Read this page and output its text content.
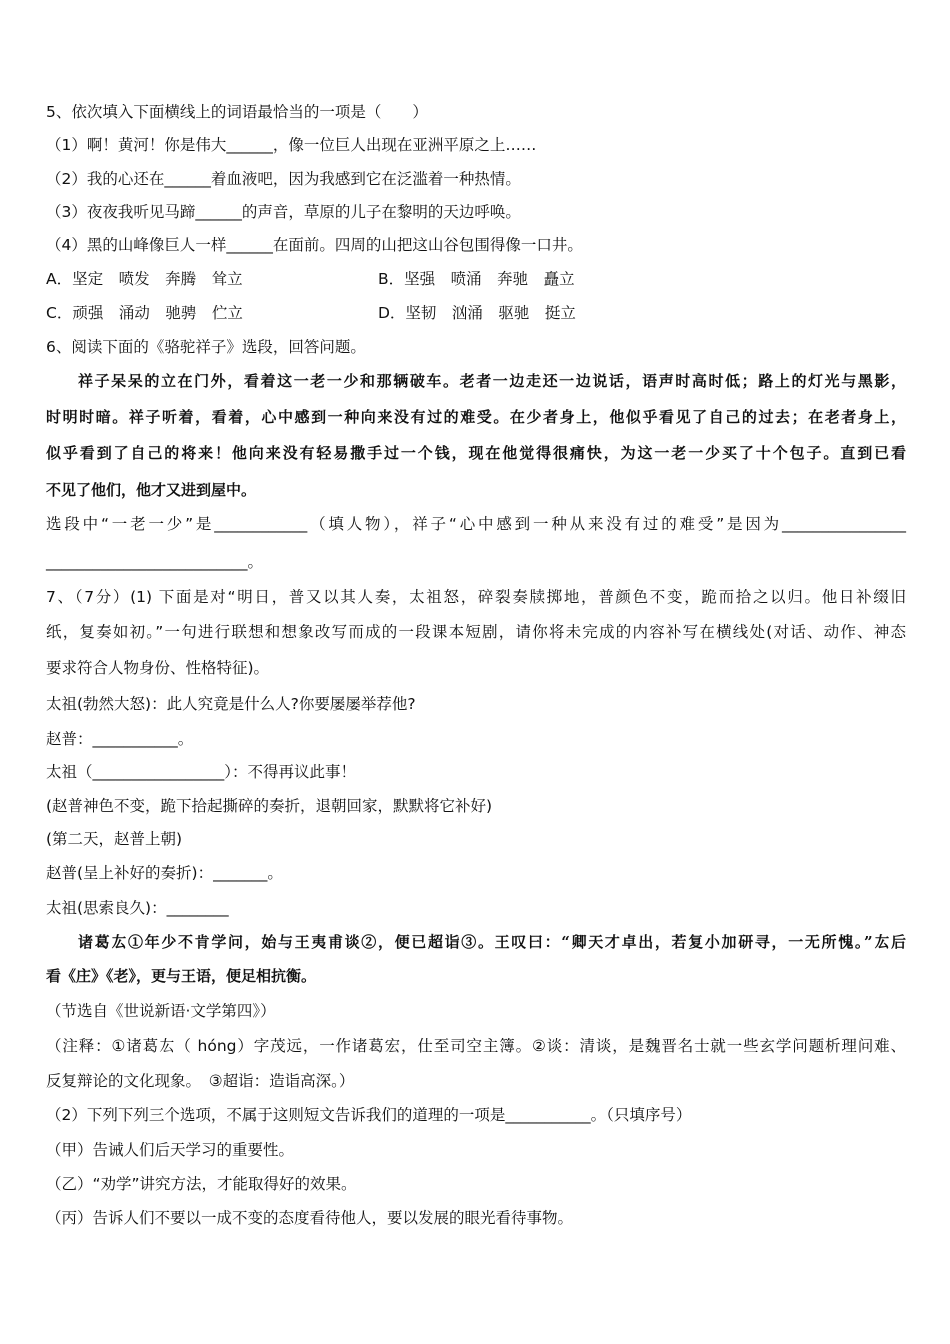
5、依次填入下面横线上的词语最恰当的一项是（　　）
（1）啊！黄河！你是伟大______，像一位巨人出现在亚洲平原之上……
（2）我的心还在______着血液吧，因为我感到它在泛滥着一种热情。
（3）夜夜我听见马蹄______的声音，草原的儿子在黎明的天边呼唤。
（4）黑的山峰像巨人一样______在面前。四周的山把这山谷包围得像一口井。
A．坚定　喷发　奔腾　耸立	B．坚强　喷涌　奔驰　矗立
C．顽强　涌动　驰骋　伫立	D．坚韧　汹涌　驱驰　挺立
6、阅读下面的《骆驼祥子》选段，回答问题。
祥子呆呆的立在门外，看着这一老一少和那辆破车。老者一边走还一边说话，语声时高时低；路上的灯光与黑影，
时明时暗。祥子听着，看着，心中感到一种向来没有过的难受。在少者身上，他似乎看见了自己的过去；在老者身上，
似乎看到了自己的将来！他向来没有轻易撒手过一个钱，现在他觉得很痛快，为这一老一少买了十个包子。直到已看
不见了他们，他才又进到屋中。
选段中“一老一少”是____________（填人物），祥子“心中感到一种从来没有过的难受”是因为________________
__________________________。
7、（7分）(1) 下面是对“明日，普又以其人奏，太祖怒，碎裂奏牍掷地，普颜色不变，跪而拾之以归。他日补缀旧
纸，复奏如初。”一句进行联想和想象改写而成的一段课本短剧，请你将未完成的内容补写在横线处(对话、动作、神态
要求符合人物身份、性格特征)。
太祖(勃然大怒)：此人究竟是什么人?你要屡屡举荐他?
赵普：___________。
太祖（_________________）：不得再议此事！
(赵普神色不变，跪下拾起撕碎的奏折，退朝回家，默默将它补好)
(第二天，赵普上朝)
赵普(呈上补好的奏折)：_______。
太祖(思索良久)：________
诸葛厷①年少不肯学问，始与王夷甫谈②，便已超诣③。王叹曰：“卿天才卓出，若复小加研寻，一无所愧。”厷后
看《庄》《老》，更与王语，便足相抗衡。
（节选自《世说新语·文学第四》）
（注释：①诸葛厷（ hóng）字茂远，一作诸葛宏，仕至司空主簿。②谈：清谈，是魏晋名士就一些玄学问题析理问难、
反复辩论的文化现象。　③超诣：造诣高深。）
（2）下列下列三个选项，不属于这则短文告诉我们的道理的一项是___________。（只填序号）
（甲）告诫人们后天学习的重要性。
（乙）“劝学”讲究方法，才能取得好的效果。
（丙）告诉人们不要以一成不变的态度看待他人，要以发展的眼光看待事物。
